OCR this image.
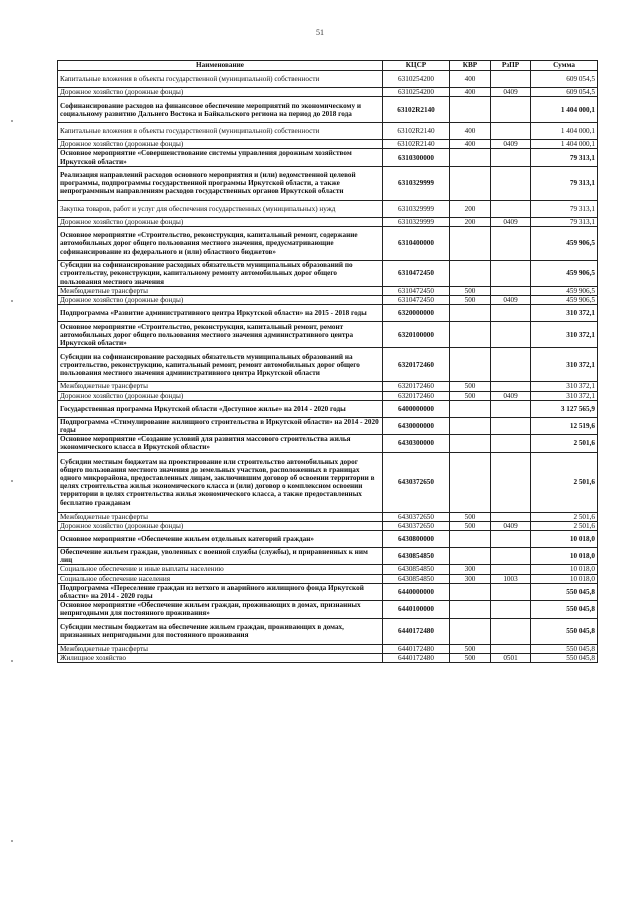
51
Наименование	КЦСР	КВР	РзПР	Сумма
Капитальные вложения в объекты государственной (муниципальной) собственности	6310254200	400		609 054,5
Дорожное хозяйство (дорожные фонды)	6310254200	400	0409	609 054,5
Софинансирование расходов на финансовое обеспечение мероприятий по экономическому и социальному развитию Дальнего Востока и Байкальского региона на период до 2018 года	63102R2140			1 404 000,1
Капитальные вложения в объекты государственной (муниципальной) собственности	63102R2140	400		1 404 000,1
Дорожное хозяйство (дорожные фонды)	63102R2140	400	0409	1 404 000,1
Основное мероприятие «Совершенствование системы управления дорожным хозяйством Иркутской области»	6310300000			79 313,1
Реализация направлений расходов основного мероприятия и (или) ведомственной целевой программы, подпрограммы государственной программы Иркутской области, а также непрограммным направлениям расходов государственных органов Иркутской области	6310329999			79 313,1
Закупка товаров, работ и услуг для обеспечения государственных (муниципальных) нужд	6310329999	200		79 313,1
Дорожное хозяйство (дорожные фонды)	6310329999	200	0409	79 313,1
Основное мероприятие «Строительство, реконструкция, капитальный ремонт, содержание автомобильных дорог общего пользования местного значения, предусматривающие софинансирование из федерального и (или) областного бюджетов»	6310400000			459 906,5
Субсидии на софинансирование расходных обязательств муниципальных образований по строительству, реконструкции, капитальному ремонту автомобильных дорог общего пользования местного значения	6310472450			459 906,5
Межбюджетные трансферты	6310472450	500		459 906,5
Дорожное хозяйство (дорожные фонды)	6310472450	500	0409	459 906,5
Подпрограмма «Развитие административного центра Иркутской области» на 2015 - 2018 годы	6320000000			310 372,1
Основное мероприятие «Строительство, реконструкция, капитальный ремонт, ремонт автомобильных дорог общего пользования местного значения административного центра Иркутской области»	6320100000			310 372,1
Субсидии на софинансирование расходных обязательств муниципальных образований на строительство, реконструкцию, капитальный ремонт, ремонт автомобильных дорог общего пользования местного значения административного центра Иркутской области	6320172460			310 372,1
Межбюджетные трансферты	6320172460	500		310 372,1
Дорожное хозяйство (дорожные фонды)	6320172460	500	0409	310 372,1
Государственная программа Иркутской области «Доступное жилье» на 2014 - 2020 годы	6400000000			3 127 565,9
Подпрограмма «Стимулирование жилищного строительства в Иркутской области» на 2014 - 2020 годы	6430000000			12 519,6
Основное мероприятие «Создание условий для развития массового строительства жилья экономического класса в Иркутской области»	6430300000			2 501,6
Субсидии местным бюджетам на проектирование или строительство автомобильных дорог общего пользования местного значения до земельных участков, расположенных в границах одного микрорайона, предоставленных лицам, заключившим договор об освоении территории в целях строительства жилья экономического класса и (или) договор о комплексном освоении территории в целях строительства жилья экономического класса, а также предоставленных бесплатно гражданам	6430372650			2 501,6
Межбюджетные трансферты	6430372650	500		2 501,6
Дорожное хозяйство (дорожные фонды)	6430372650	500	0409	2 501,6
Основное мероприятие «Обеспечение жильем отдельных категорий граждан»	6430800000			10 018,0
Обеспечение жильем граждан, уволенных с военной службы (службы), и приравненных к ним лиц	6430854850			10 018,0
Социальное обеспечение и иные выплаты населению	6430854850	300		10 018,0
Социальное обеспечение населения	6430854850	300	1003	10 018,0
Подпрограмма «Переселение граждан из ветхого и аварийного жилищного фонда Иркутской области» на 2014 - 2020 годы	6440000000			550 045,8
Основное мероприятие «Обеспечение жильем граждан, проживающих в домах, признанных непригодными для постоянного проживания»	6440100000			550 045,8
Субсидии местным бюджетам на обеспечение жильем граждан, проживающих в домах, признанных непригодными для постоянного проживания	6440172480			550 045,8
Межбюджетные трансферты	6440172480	500		550 045,8
Жилищное хозяйство	6440172480	500	0501	550 045,8
